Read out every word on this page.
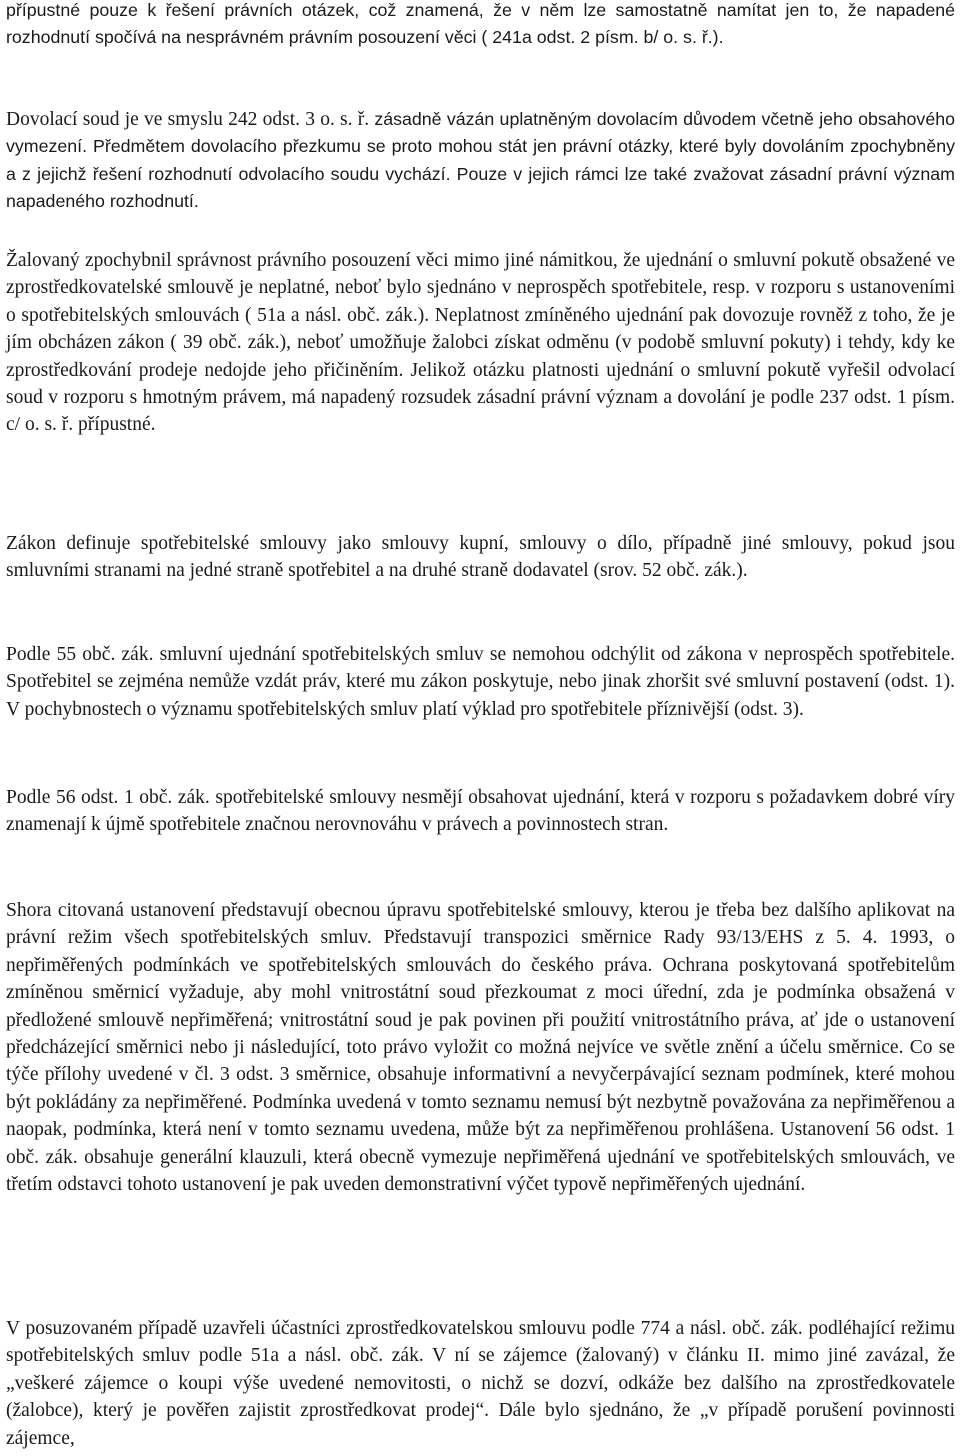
přípustné pouze k řešení právních otázek, což znamená, že v něm lze samostatně namítat jen to, že napadené rozhodnutí spočívá na nesprávném právním posouzení věci ( 241a odst. 2 písm. b/ o. s. ř.).

Dovolací soud je ve smyslu 242 odst. 3 o. s. ř. zásadně vázán uplatněným dovolacím důvodem včetně jeho obsahového vymezení. Předmětem dovolacího přezkumu se proto mohou stát jen právní otázky, které byly dovoláním zpochybněny a z jejichž řešení rozhodnutí odvolacího soudu vychází. Pouze v jejich rámci lze také zvažovat zásadní právní význam napadeného rozhodnutí.

Žalovaný zpochybnil správnost právního posouzení věci mimo jiné námitkou, že ujednání o smluvní pokutě obsažené ve zprostředkovatelské smlouvě je neplatné, neboť bylo sjednáno v neprospěch spotřebitele, resp. v rozporu s ustanoveními o spotřebitelských smlouvách ( 51a a násl. obč. zák.). Neplatnost zmíněného ujednání pak dovozuje rovněž z toho, že je jím obcházen zákon ( 39 obč. zák.), neboť umožňuje žalobci získat odměnu (v podobě smluvní pokuty) i tehdy, kdy ke zprostředkování prodeje nedojde jeho přičiněním. Jelikož otázku platnosti ujednání o smluvní pokutě vyřešil odvolací soud v rozporu s hmotným právem, má napadený rozsudek zásadní právní význam a dovolání je podle 237 odst. 1 písm. c/ o. s. ř. přípustné.

Zákon definuje spotřebitelské smlouvy jako smlouvy kupní, smlouvy o dílo, případně jiné smlouvy, pokud jsou smluvními stranami na jedné straně spotřebitel a na druhé straně dodavatel (srov. 52 obč. zák.).

Podle 55 obč. zák. smluvní ujednání spotřebitelských smluv se nemohou odchýlit od zákona v neprospěch spotřebitele. Spotřebitel se zejména nemůže vzdát práv, které mu zákon poskytuje, nebo jinak zhoršit své smluvní postavení (odst. 1). V pochybnostech o významu spotřebitelských smluv platí výklad pro spotřebitele příznivější (odst. 3).

Podle 56 odst. 1 obč. zák. spotřebitelské smlouvy nesmějí obsahovat ujednání, která v rozporu s požadavkem dobré víry znamenají k újmě spotřebitele značnou nerovnováhu v právech a povinnostech stran.

Shora citovaná ustanovení představují obecnou úpravu spotřebitelské smlouvy, kterou je třeba bez dalšího aplikovat na právní režim všech spotřebitelských smluv. Představují transpozici směrnice Rady 93/13/EHS z 5. 4. 1993, o nepřiměřených podmínkách ve spotřebitelských smlouvách do českého práva. Ochrana poskytovaná spotřebitelům zmíněnou směrnicí vyžaduje, aby mohl vnitrostátní soud přezkoumat z moci úřední, zda je podmínka obsažená v předložené smlouvě nepřiměřená; vnitrostátní soud je pak povinen při použití vnitrostátního práva, ať jde o ustanovení předcházející směrnici nebo ji následující, toto právo vyložit co možná nejvíce ve světle znění a účelu směrnice. Co se týče přílohy uvedené v čl. 3 odst. 3 směrnice, obsahuje informativní a nevyčerpávající seznam podmínek, které mohou být pokládány za nepřiměřené. Podmínka uvedená v tomto seznamu nemusí být nezbytně považována za nepřiměřenou a naopak, podmínka, která není v tomto seznamu uvedena, může být za nepřiměřenou prohlášena. Ustanovení 56 odst. 1 obč. zák. obsahuje generální klauzuli, která obecně vymezuje nepřiměřená ujednání ve spotřebitelských smlouvách, ve třetím odstavci tohoto ustanovení je pak uveden demonstrativní výčet typově nepřiměřených ujednání.

V posuzovaném případě uzavřeli účastníci zprostředkovatelskou smlouvu podle 774 a násl. obč. zák. podléhající režimu spotřebitelských smluv podle 51a a násl. obč. zák. V ní se zájemce (žalovaný) v článku II. mimo jiné zavázal, že „veškeré zájemce o koupi výše uvedené nemovitosti, o nichž se dozví, odkáže bez dalšího na zprostředkovatele (žalobce), který je pověřen zajistit zprostředkovat prodej“. Dále bylo sjednáno, že „v případě porušení povinnosti zájemce,
